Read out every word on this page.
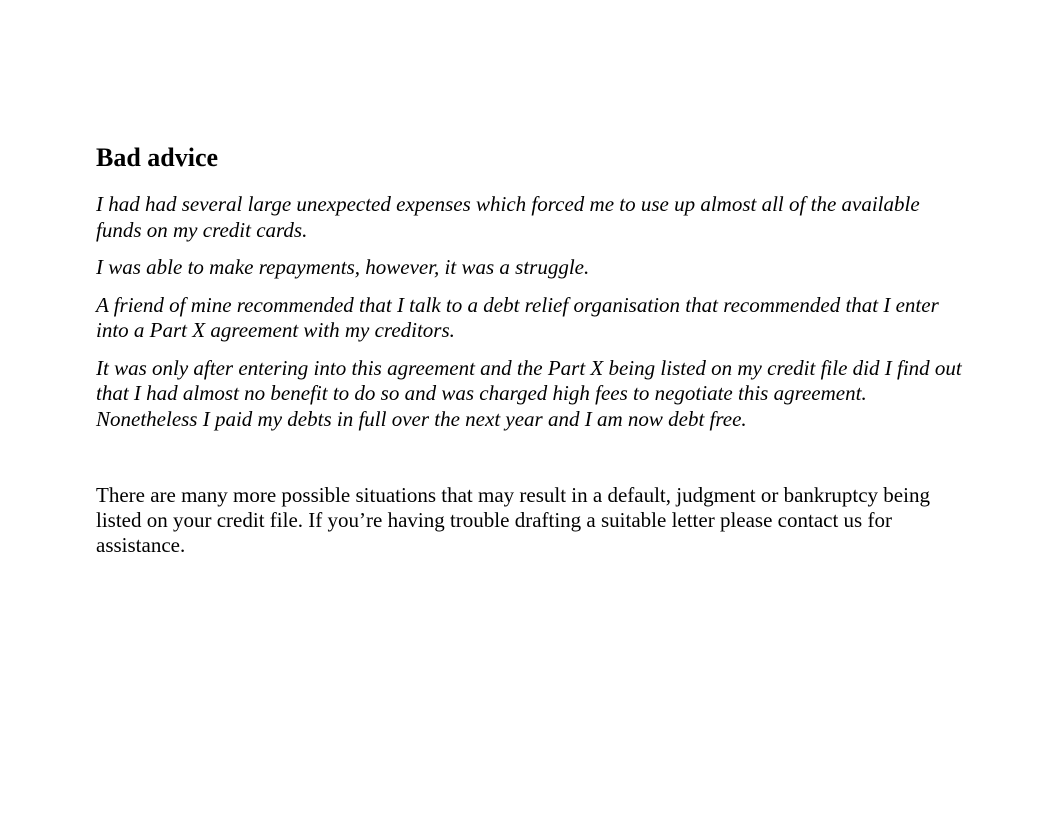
Bad advice

I had had several large unexpected expenses which forced me to use up almost all of the available funds on my credit cards.

I was able to make repayments, however, it was a struggle.

A friend of mine recommended that I talk to a debt relief organisation that recommended that I enter into a Part X agreement with my creditors.

It was only after entering into this agreement and the Part X being listed on my credit file did I find out that I had almost no benefit to do so and was charged high fees to negotiate this agreement. Nonetheless I paid my debts in full over the next year and I am now debt free.

There are many more possible situations that may result in a default, judgment or bankruptcy being listed on your credit file. If you’re having trouble drafting a suitable letter please contact us for assistance.
